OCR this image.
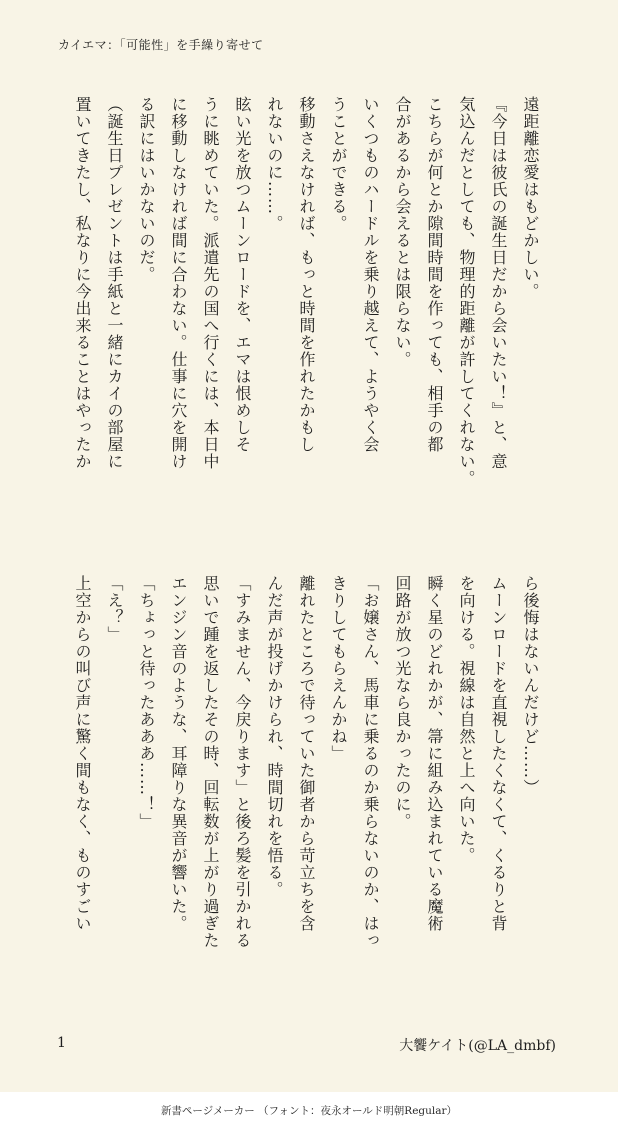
カイエマ：「可能性」を手繰り寄せて
遠距離恋愛はもどかしい。
『今日は彼氏の誕生日だから会いたい！』と、意
気込んだとしても、物理的距離が許してくれない。
こちらが何とか隙間時間を作っても、相手の都
合があるから会えるとは限らない。
いくつものハードルを乗り越えて、ようやく会
うことができる。
移動さえなければ、もっと時間を作れたかもし
れないのに……。
眩い光を放つムーンロードを、エマは恨めしそ
うに眺めていた。派遣先の国へ行くには、本日中
に移動しなければ間に合わない。仕事に穴を開け
る訳にはいかないのだ。
（誕生日プレゼントは手紙と一緒にカイの部屋に
置いてきたし、私なりに今出来ることはやったか
ら後悔はないんだけど……）
ムーンロードを直視したくなくて、くるりと背
を向ける。視線は自然と上へ向いた。
瞬く星のどれかが、箒に組み込まれている魔術
回路が放つ光なら良かったのに。
「お嬢さん、馬車に乗るのか乗らないのか、はっ
きりしてもらえんかね」
離れたところで待っていた御者から苛立ちを含
んだ声が投げかけられ、時間切れを悟る。
「すみません、今戻ります」と後ろ髪を引かれる
思いで踵を返したその時、回転数が上がり過ぎた
エンジン音のような、耳障りな異音が響いた。
「ちょっと待ったあああ……！」
「え？」
上空からの叫び声に驚く間もなく、ものすごい
1	大饗ケイト(@LA_dmbf)
新書ページメーカー （フォント：夜永オールド明朝Regular）
